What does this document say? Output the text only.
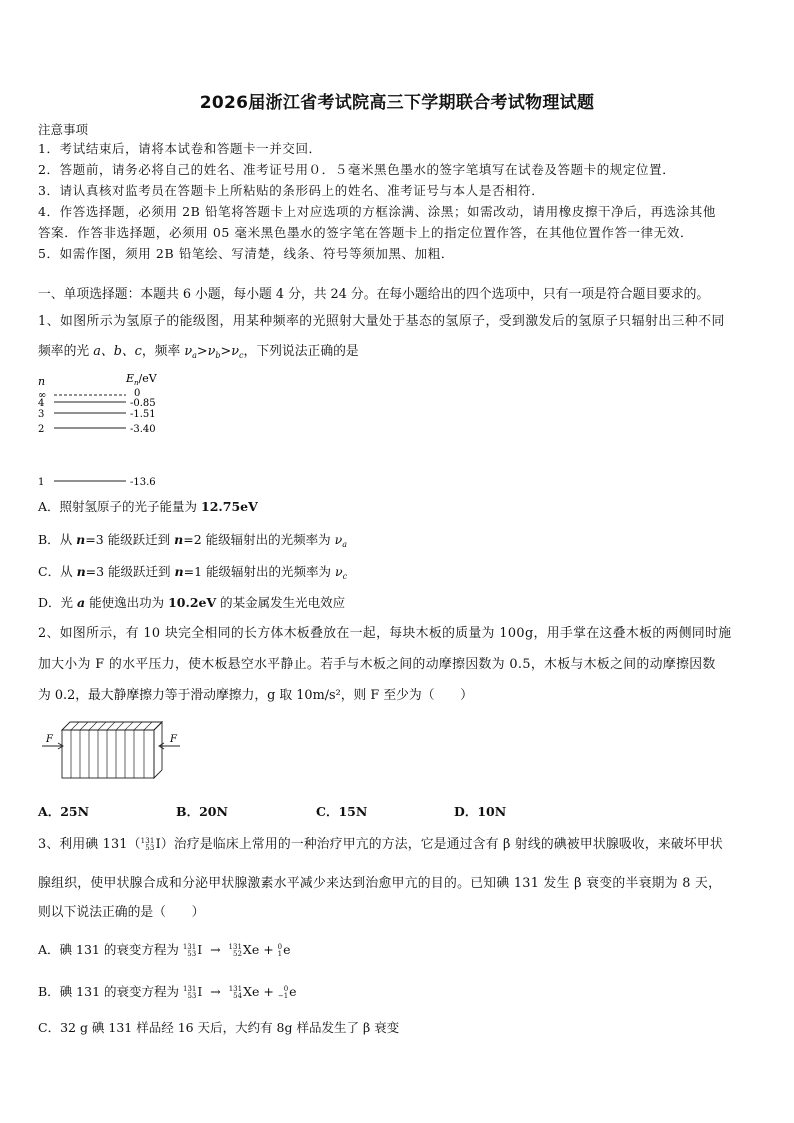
2026届浙江省考试院高三下学期联合考试物理试题
注意事项
1．考试结束后，请将本试卷和答题卡一并交回．
2．答题前，请务必将自己的姓名、准考证号用０．５毫米黑色墨水的签字笔填写在试卷及答题卡的规定位置．
3．请认真核对监考员在答题卡上所粘贴的条形码上的姓名、准考证号与本人是否相符．
4．作答选择题，必须用 2B 铅笔将答题卡上对应选项的方框涂满、涂黑；如需改动，请用橡皮擦干净后，再选涂其他
答案．作答非选择题，必须用 05 毫米黑色墨水的签字笔在答题卡上的指定位置作答，在其他位置作答一律无效．
5．如需作图，须用 2B 铅笔绘、写清楚，线条、符号等须加黑、加粗．
一、单项选择题：本题共 6 小题，每小题 4 分，共 24 分。在每小题给出的四个选项中，只有一项是符合题目要求的。
1、如图所示为氢原子的能级图，用某种频率的光照射大量处于基态的氢原子，受到激发后的氢原子只辐射出三种不同
频率的光 a、b、c，频率 $\nu_a>\nu_b>\nu_c$，下列说法正确的是
n	$E_n/eV$
∞	0
4	-0.85
3	-1.51
2	-3.40
1	-13.6
A．照射氢原子的光子能量为 12.75eV
B．从 n=3 能级跃迁到 n=2 能级辐射出的光频率为 $\nu_a$
C．从 n=3 能级跃迁到 n=1 能级辐射出的光频率为 $\nu_c$
D．光 a 能使逸出功为 10.2eV 的某金属发生光电效应
2、如图所示，有 10 块完全相同的长方体木板叠放在一起，每块木板的质量为 100g，用手掌在这叠木板的两侧同时施
加大小为 F 的水平压力，使木板悬空水平静止。若手与木板之间的动摩擦因数为 0.5，木板与木板之间的动摩擦因数
为 0.2，最大静摩擦力等于滑动摩擦力，g 取 10m/s²，则 F 至少为（　　）
F	F
A．25N	B．20N	C．15N	D．10N
3、利用碘 131（ 131
53 I）治疗是临床上常用的一种治疗甲亢的方法，它是通过含有 β 射线的碘被甲状腺吸收，来破坏甲状
腺组织，使甲状腺合成和分泌甲状腺激素水平减少来达到治愈甲亢的目的。已知碘 131 发生 β 衰变的半衰期为 8 天，
则以下说法正确的是（　　）
A．碘 131 的衰变方程为 131
53 I → 131
52 Xe + 0
1 e
B．碘 131 的衰变方程为 131
53 I → 131
54 Xe +	0
−1 e
C．32 g 碘 131 样品经 16 天后，大约有 8g 样品发生了 β 衰变
